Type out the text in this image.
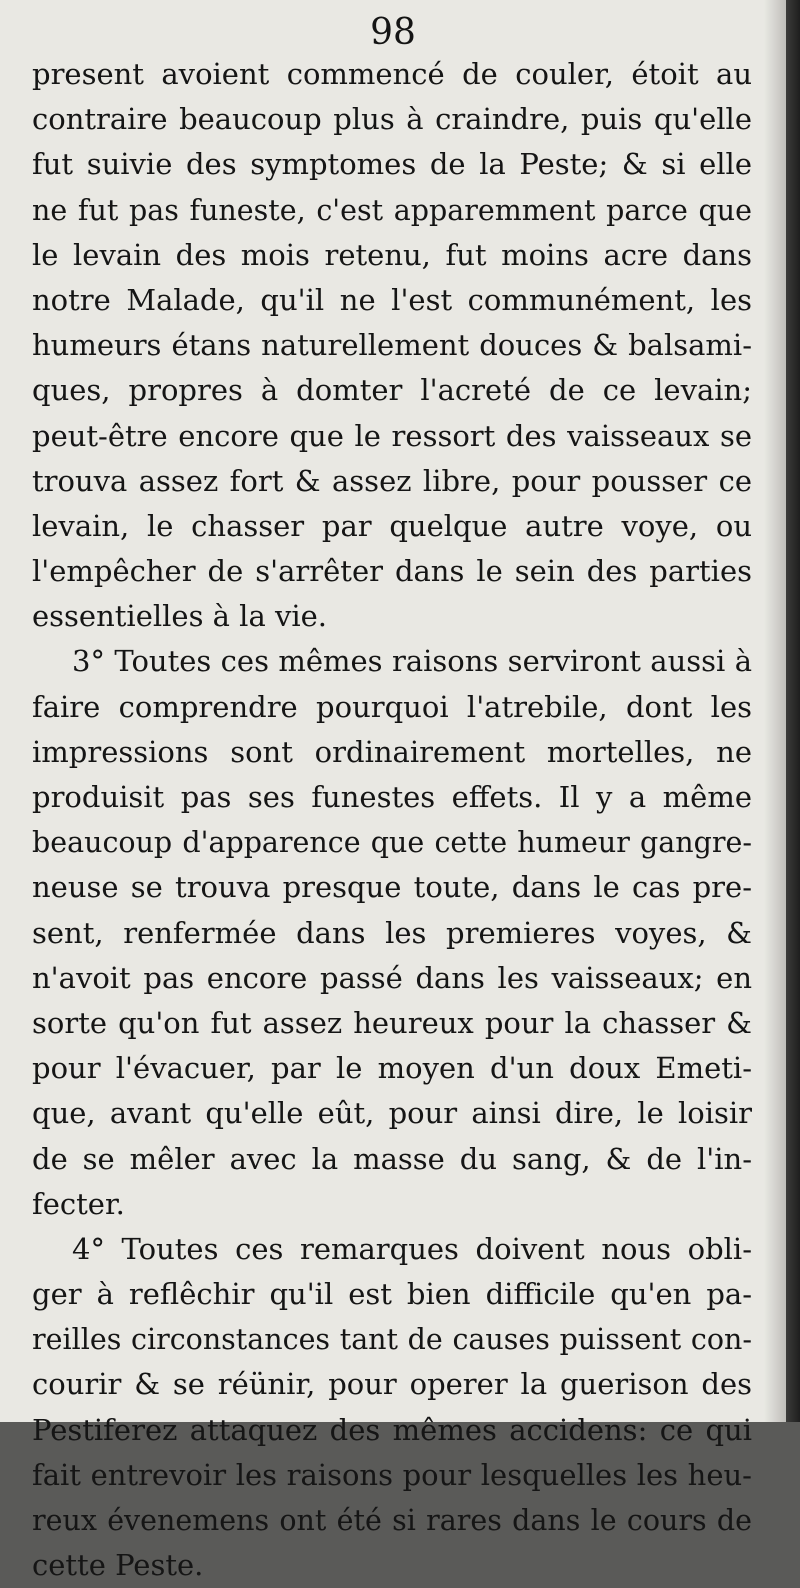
98
present avoient commencé de couler, étoit au
contraire beaucoup plus à craindre, puis qu'elle
fut suivie des symptomes de la Peste; & si elle
ne fut pas funeste, c'est apparemment parce que
le levain des mois retenu, fut moins acre dans
notre Malade, qu'il ne l'est communément, les
humeurs étans naturellement douces & balsami-
ques, propres à domter l'acreté de ce levain;
peut-être encore que le ressort des vaisseaux se
trouva assez fort & assez libre, pour pousser ce
levain, le chasser par quelque autre voye, ou
l'empêcher de s'arrêter dans le sein des parties
essentielles à la vie.
3° Toutes ces mêmes raisons serviront aussi à
faire comprendre pourquoi l'atrebile, dont les
impressions sont ordinairement mortelles, ne
produisit pas ses funestes effets. Il y a même
beaucoup d'apparence que cette humeur gangre-
neuse se trouva presque toute, dans le cas pre-
sent, renfermée dans les premieres voyes, &
n'avoit pas encore passé dans les vaisseaux; en
sorte qu'on fut assez heureux pour la chasser &
pour l'évacuer, par le moyen d'un doux Emeti-
que, avant qu'elle eût, pour ainsi dire, le loisir
de se mêler avec la masse du sang, & de l'in-
fecter.
4° Toutes ces remarques doivent nous obli-
ger à reflêchir qu'il est bien difficile qu'en pa-
reilles circonstances tant de causes puissent con-
courir & se réünir, pour operer la guerison des
Pestiferez attaquez des mêmes accidens: ce qui
fait entrevoir les raisons pour lesquelles les heu-
reux évenemens ont été si rares dans le cours de
cette Peste.
